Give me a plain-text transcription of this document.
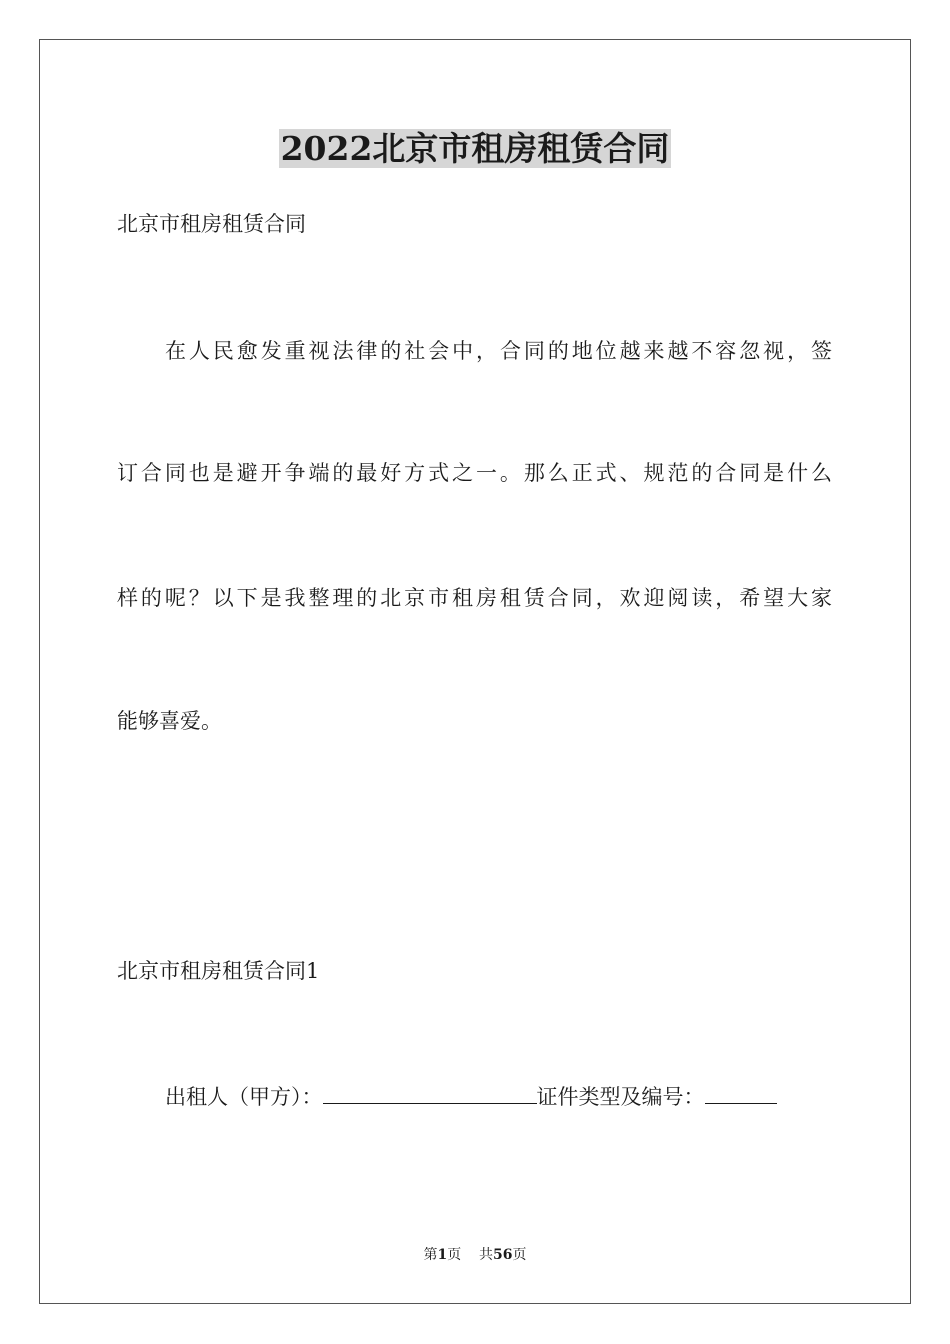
2022北京市租房租赁合同
北京市租房租赁合同
在人民愈发重视法律的社会中，合同的地位越来越不容忽视，签
订合同也是避开争端的最好方式之一。那么正式、规范的合同是什么
样的呢？以下是我整理的北京市租房租赁合同，欢迎阅读，希望大家
能够喜爱。
北京市租房租赁合同1
出租人（甲方）：	证件类型及编号：
第1页 共56页
